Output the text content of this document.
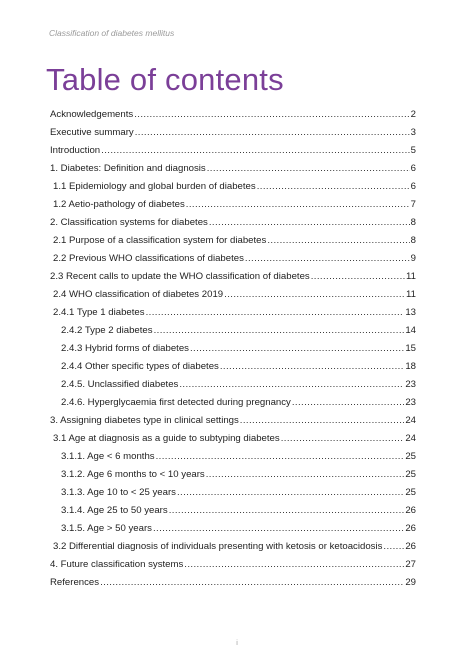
Classification of diabetes mellitus
Table of contents
Acknowledgements .....	2
Executive summary .....	3
Introduction .....	5
1. Diabetes: Definition and diagnosis .....	6
1.1 Epidemiology and global burden of diabetes .....	6
1.2 Aetio-pathology of diabetes .....	7
2. Classification systems for diabetes .....	8
2.1 Purpose of a classification system for diabetes .....	8
2.2 Previous WHO classifications of diabetes .....	9
2.3 Recent calls to update the WHO classification of diabetes .....	11
2.4 WHO classification of diabetes 2019 .....	11
2.4.1 Type 1 diabetes .....	13
2.4.2 Type 2 diabetes .....	14
2.4.3 Hybrid forms of diabetes .....	15
2.4.4 Other specific types of diabetes .....	18
2.4.5. Unclassified diabetes .....	23
2.4.6. Hyperglycaemia first detected during pregnancy .....	23
3. Assigning diabetes type in clinical settings .....	24
3.1 Age at diagnosis as a guide to subtyping diabetes .....	24
3.1.1. Age < 6 months .....	25
3.1.2. Age 6 months to < 10 years .....	25
3.1.3. Age 10 to < 25 years .....	25
3.1.4. Age 25 to 50 years .....	26
3.1.5. Age > 50 years .....	26
3.2 Differential diagnosis of individuals presenting with ketosis or ketoacidosis ..... 26
4. Future classification systems .....	27
References .....	29
i
